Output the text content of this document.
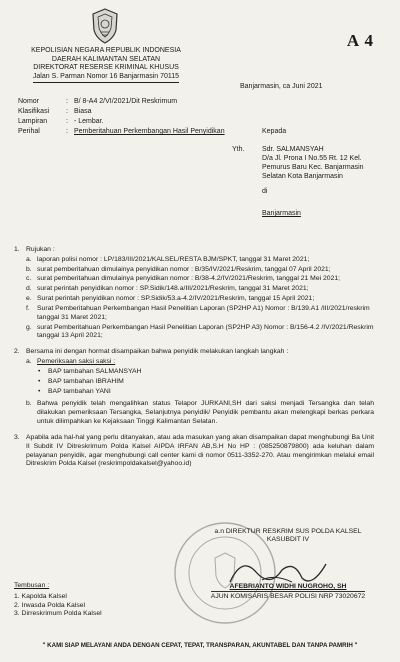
KEPOLISIAN NEGARA REPUBLIK INDONESIA
DAERAH KALIMANTAN SELATAN
DIREKTORAT RESERSE KRIMINAL KHUSUS
Jalan S. Parman Nomor 16 Banjarmasin 70115
A 4
Banjarmasin, ca Juni 2021
Nomor	: B/ 8-A4 2/VI/2021/Dit Reskrimum
Klasifikasi	: Biasa
Lampiran	: - Lembar.
Perihal	: Pemberitahuan Perkembangan Hasil Penyidikan	Kepada
Yth.	Sdr. SALMANSYAH
D/a Jl. Prona I No.55 Rt. 12 Kel.
Pemurus Baru Kec. Banjarmasin
Selatan Kota Banjarmasin
di
Banjarmasin
1. Rujukan :
a. laporan polisi nomor : LP/183/III/2021/KALSEL/RESTA BJM/SPKT, tanggal 31 Maret 2021;
b. surat pemberitahuan dimulainya penyidikan nomor : B/35/IV/2021/Reskrim, tanggal 07 April 2021;
c. surat pemberitahuan dimulainya penyidikan nomor : B/38-4.2/IV/2021/Reskrim, tanggal 21 Mei 2021;
d. surat perintah penyidikan nomor : SP.Sidik/148.a/III/2021/Reskrim, tanggal 31 Maret 2021;
e. Surat perintah penyidikan nomor : SP.Sidik/53.a-4.2/IV/2021/Reskrim, tanggal 15 April 2021;
f.	Surat Pemberitahuan Perkembangan Hasil Penelitian Laporan (SP2HP A1) Nomor : B/139.A1 /III/2021/reskrim tanggal 31 Maret 2021;
g. surat Pemberitahuan Perkembangan Hasil Penelitian Laporan (SP2HP A3) Nomor : B/156-4.2 /IV/2021/Reskrim tanggal 13 April 2021;
2. Bersama ini dengan hormat disampaikan bahwa penyidik melakukan langkah langkah :
a. Pemeriksaan saksi saksi :
•	BAP tambahan SALMANSYAH
•	BAP tambahan IBRAHIM
•	BAP tambahan YANI
b. Bahwa penyidik telah mengalihkan status Telapor JURKANI,SH dari saksi menjadi Tersangka dan telah dilakukan pemeriksaan Tersangka, Selanjutnya penyidik/ Penyidik pembantu akan melengkapi berkas perkara untuk dilimpahkan ke Kejaksaan Tinggi Kalimantan Selatan.
3. Apabila ada hal-hal yang perlu ditanyakan, atau ada masukan yang akan disampaikan dapat menghubungi Ba Unit II Subdit IV Ditreskrimum Polda Kalsel AIPDA IRFAN AB,S.H No HP : (085250879800) ada keluhan dalam pelayanan penyidik, agar menghubungi call center kami di nomor 0511-3352-270. Atau mengirimkan melalui email Ditreskrim Polda Kalsel (reskrimpoldakalsel@yahoo.id)
a.n DIREKTUR RESKRIM SUS POLDA KALSEL
KASUBDIT IV
AFEBRIANTO WIDHI NUGROHO, SH
AJUN KOMISARIS BESAR POLISI NRP 73020672
Tembusan :
1. Kapolda Kalsel
2. Irwasda Polda Kalsel
3. Dirreskrimum Polda Kalsel
" KAMI SIAP MELAYANI ANDA DENGAN CEPAT, TEPAT, TRANSPARAN, AKUNTABEL DAN TANPA PAMRIH "
